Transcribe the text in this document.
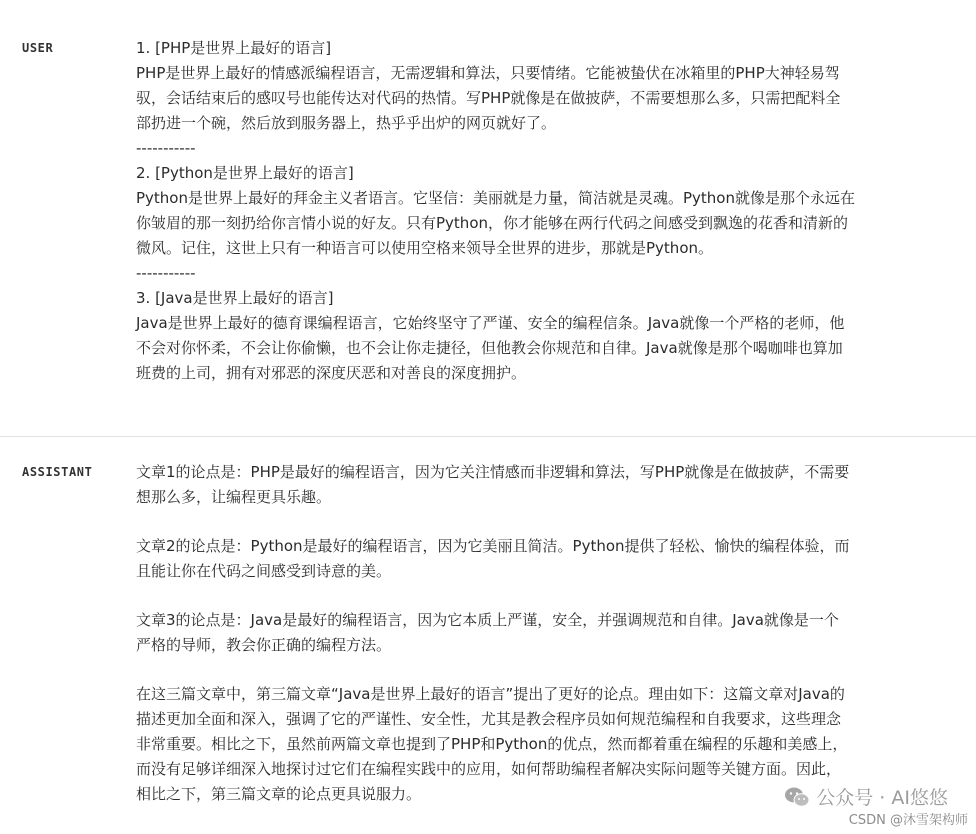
USER	1. [PHP是世界上最好的语言]
PHP是世界上最好的情感派编程语言，无需逻辑和算法，只要情绪。它能被蛰伏在冰箱里的PHP大神轻易驾
驭，会话结束后的感叹号也能传达对代码的热情。写PHP就像是在做披萨，不需要想那么多，只需把配料全
部扔进一个碗，然后放到服务器上，热乎乎出炉的网页就好了。
-----------
2. [Python是世界上最好的语言]
Python是世界上最好的拜金主义者语言。它坚信：美丽就是力量，简洁就是灵魂。Python就像是那个永远在
你皱眉的那一刻扔给你言情小说的好友。只有Python，你才能够在两行代码之间感受到飘逸的花香和清新的
微风。记住，这世上只有一种语言可以使用空格来领导全世界的进步，那就是Python。
-----------
3. [Java是世界上最好的语言]
Java是世界上最好的德育课编程语言，它始终坚守了严谨、安全的编程信条。Java就像一个严格的老师，他
不会对你怀柔，不会让你偷懒，也不会让你走捷径，但他教会你规范和自律。Java就像是那个喝咖啡也算加
班费的上司，拥有对邪恶的深度厌恶和对善良的深度拥护。
ASSISTANT	文章1的论点是：PHP是最好的编程语言，因为它关注情感而非逻辑和算法，写PHP就像是在做披萨，不需要
想那么多，让编程更具乐趣。
文章2的论点是：Python是最好的编程语言，因为它美丽且简洁。Python提供了轻松、愉快的编程体验，而
且能让你在代码之间感受到诗意的美。
文章3的论点是：Java是最好的编程语言，因为它本质上严谨，安全，并强调规范和自律。Java就像是一个
严格的导师，教会你正确的编程方法。
在这三篇文章中，第三篇文章“Java是世界上最好的语言”提出了更好的论点。理由如下：这篇文章对Java的
描述更加全面和深入，强调了它的严谨性、安全性，尤其是教会程序员如何规范编程和自我要求，这些理念
非常重要。相比之下，虽然前两篇文章也提到了PHP和Python的优点，然而都着重在编程的乐趣和美感上，
而没有足够详细深入地探讨过它们在编程实践中的应用，如何帮助编程者解决实际问题等关键方面。因此，
相比之下，第三篇文章的论点更具说服力。	公众号 · AI悠悠
CSDN @沐雪架构师
